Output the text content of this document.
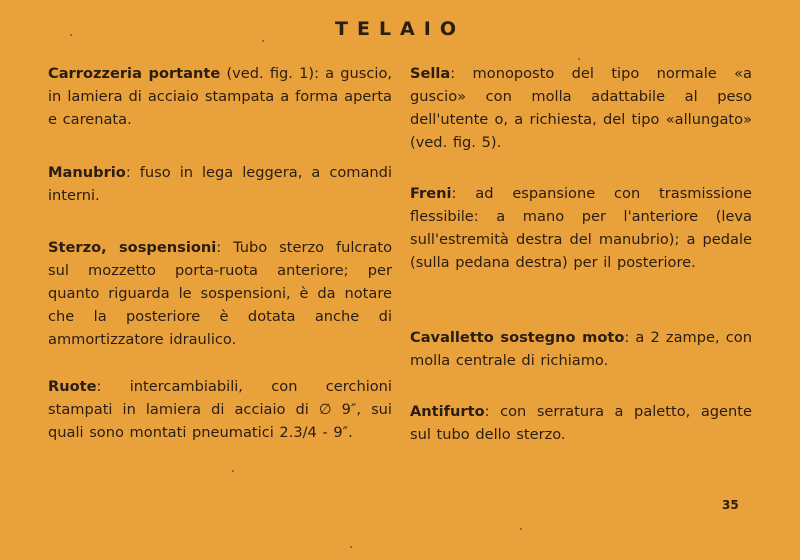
TELAIO

Carrozzeria portante (ved. fig. 1): a guscio, in lamiera di acciaio stampata a forma aperta e carenata.

Manubrio: fuso in lega leggera, a comandi interni.

Sterzo, sospensioni: Tubo sterzo fulcrato sul mozzetto porta-ruota anteriore; per quanto riguarda le sospensioni, è da notare che la posteriore è dotata anche di ammortizzatore idraulico.

Ruote: intercambiabili, con cerchioni stampati in lamiera di acciaio di ∅ 9″, sui quali sono montati pneumatici 2.3/4 - 9″.

Sella: monoposto del tipo normale «a guscio» con molla adattabile al peso dell'utente o, a richiesta, del tipo «allungato» (ved. fig. 5).

Freni: ad espansione con trasmissione flessibile: a mano per l'anteriore (leva sull'estremità destra del manubrio); a pedale (sulla pedana destra) per il posteriore.

Cavalletto sostegno moto: a 2 zampe, con molla centrale di richiamo.

Antifurto: con serratura a paletto, agente sul tubo dello sterzo.

35
